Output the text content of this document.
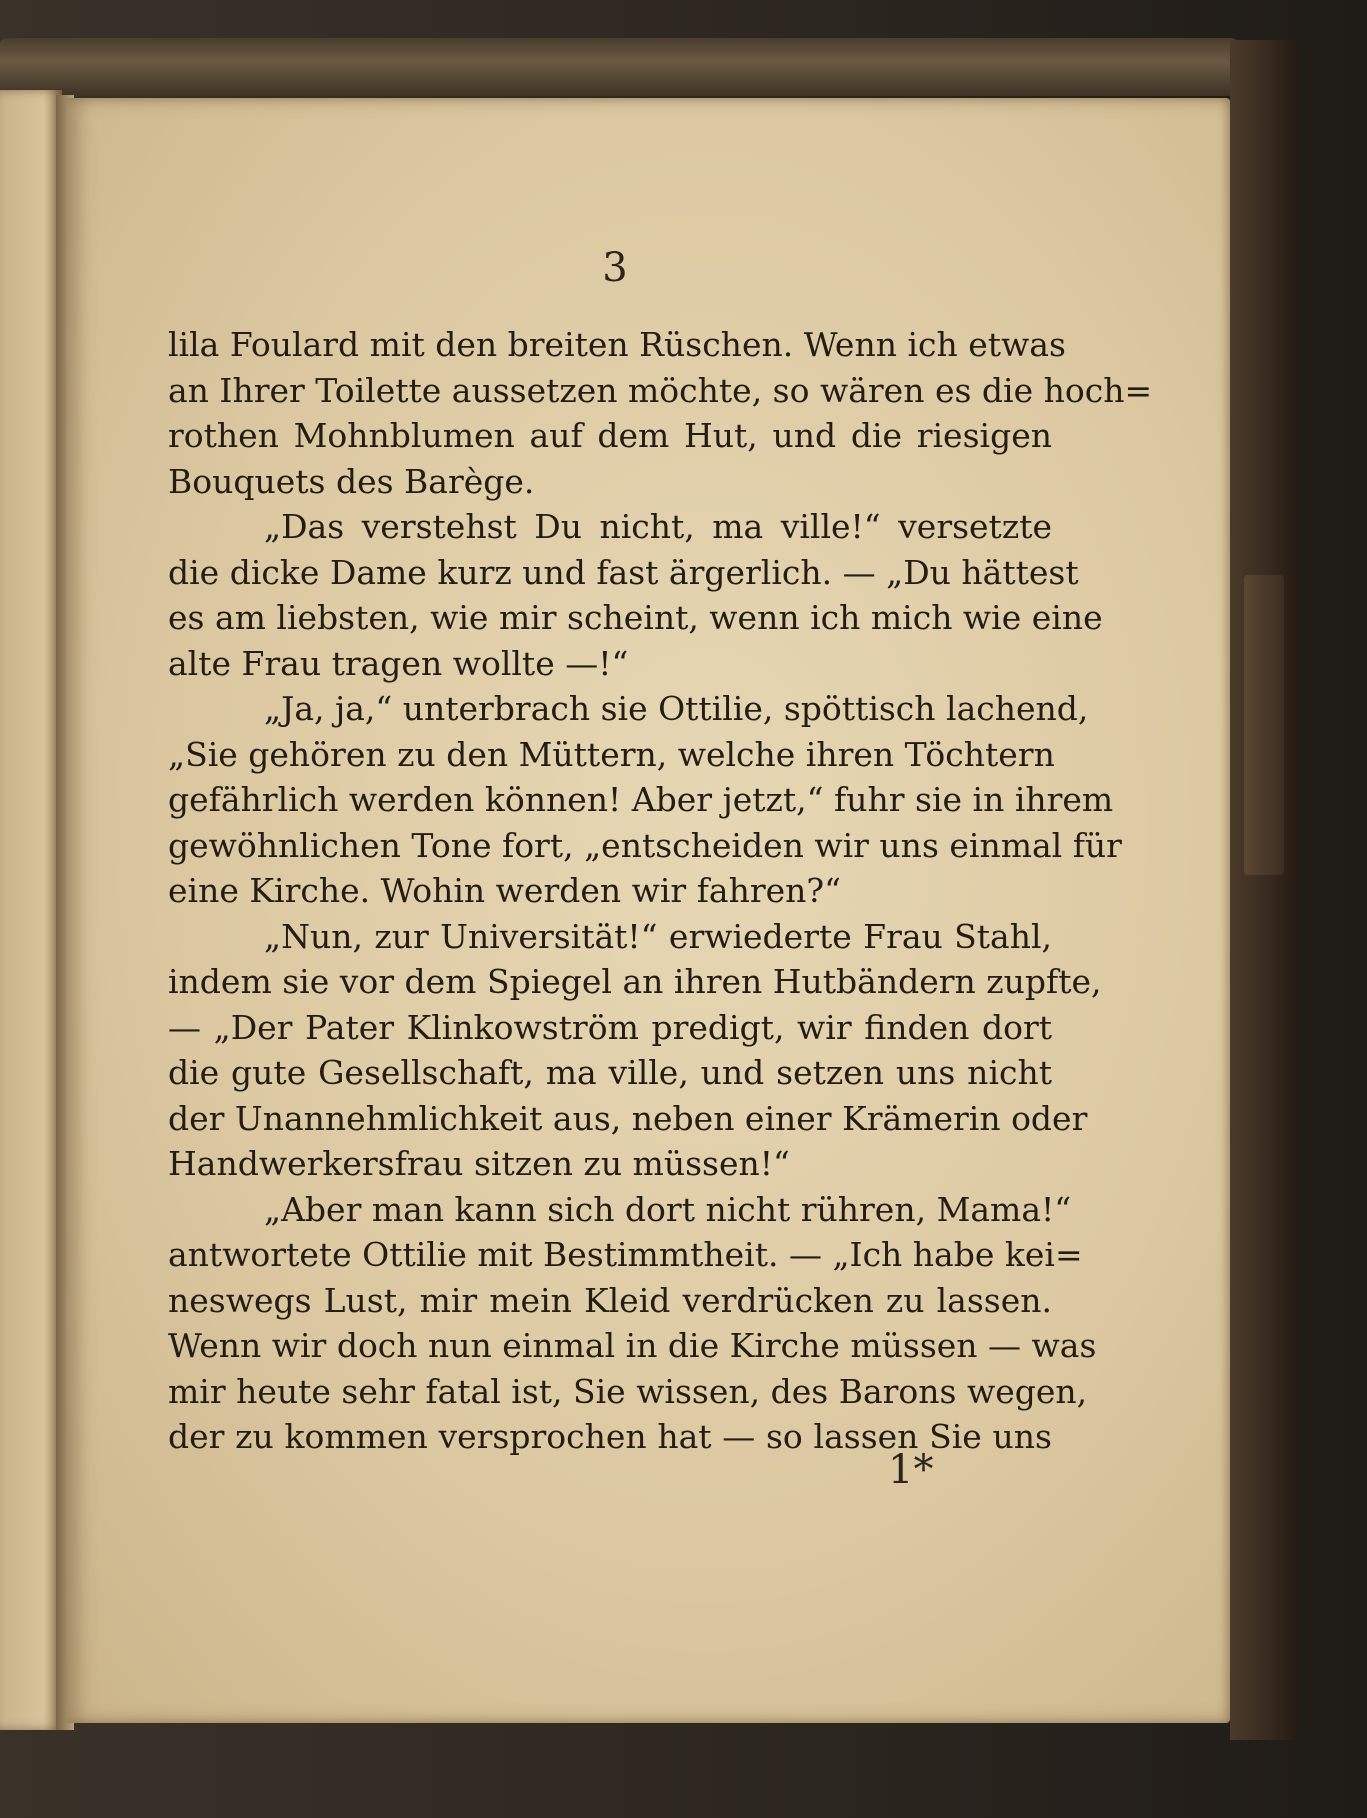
3
lila Foulard mit den breiten Rüschen. Wenn ich etwas
an Ihrer Toilette aussetzen möchte, so wären es die hoch=
rothen Mohnblumen auf dem Hut, und die riesigen
Bouquets des Barège.
„Das verstehst Du nicht, ma ville!“ versetzte
die dicke Dame kurz und fast ärgerlich. — „Du hättest
es am liebsten, wie mir scheint, wenn ich mich wie eine
alte Frau tragen wollte —!“
„Ja, ja,“ unterbrach sie Ottilie, spöttisch lachend,
„Sie gehören zu den Müttern, welche ihren Töchtern
gefährlich werden können! Aber jetzt,“ fuhr sie in ihrem
gewöhnlichen Tone fort, „entscheiden wir uns einmal für
eine Kirche. Wohin werden wir fahren?“
„Nun, zur Universität!“ erwiederte Frau Stahl,
indem sie vor dem Spiegel an ihren Hutbändern zupfte,
— „Der Pater Klinkowström predigt, wir finden dort
die gute Gesellschaft, ma ville, und setzen uns nicht
der Unannehmlichkeit aus, neben einer Krämerin oder
Handwerkersfrau sitzen zu müssen!“
„Aber man kann sich dort nicht rühren, Mama!“
antwortete Ottilie mit Bestimmtheit. — „Ich habe kei=
neswegs Lust, mir mein Kleid verdrücken zu lassen.
Wenn wir doch nun einmal in die Kirche müssen — was
mir heute sehr fatal ist, Sie wissen, des Barons wegen,
der zu kommen versprochen hat — so lassen Sie uns
1*
